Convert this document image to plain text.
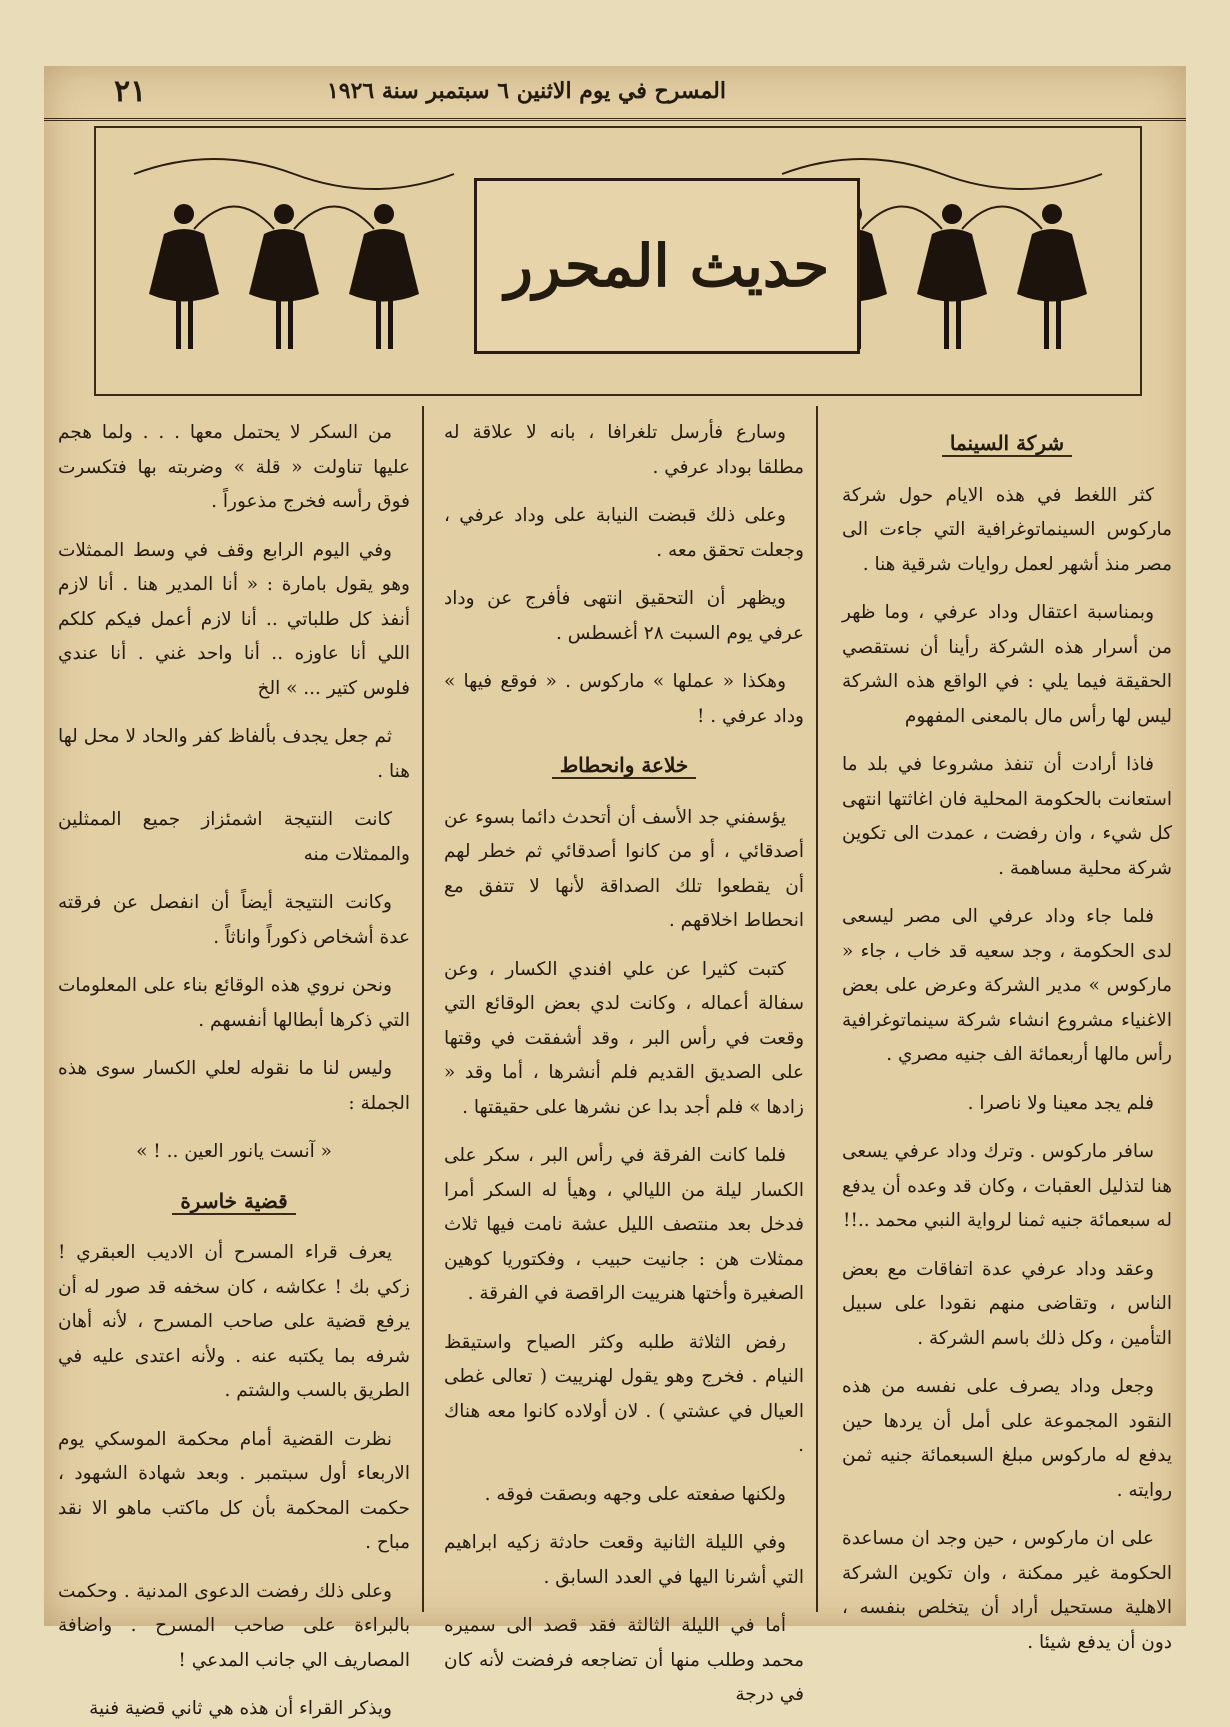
المسرح في يوم الاثنين ٦ سبتمبر سنة ١٩٢٦
٢١
حديث المحرر
شركة السينما

كثر اللغط في هذه الايام حول شركة ماركوس السينماتوغرافية التي جاءت الى مصر منذ أشهر لعمل روايات شرقية هنا .

وبمناسبة اعتقال وداد عرفي ، وما ظهر من أسرار هذه الشركة رأينا أن نستقصي الحقيقة فيما يلي : في الواقع هذه الشركة ليس لها رأس مال بالمعنى المفهوم

فاذا أرادت أن تنفذ مشروعا في بلد ما استعانت بالحكومة المحلية فان اغاثتها انتهى كل شيء ، وان رفضت ، عمدت الى تكوين شركة محلية مساهمة .

فلما جاء وداد عرفي الى مصر ليسعى لدى الحكومة ، وجد سعيه قد خاب ، جاء « ماركوس » مدير الشركة وعرض على بعض الاغنياء مشروع انشاء شركة سينماتوغرافية رأس مالها أربعمائة الف جنيه مصري .

فلم يجد معينا ولا ناصرا .

سافر ماركوس . وترك وداد عرفي يسعى هنا لتذليل العقبات ، وكان قد وعده أن يدفع له سبعمائة جنيه ثمنا لرواية النبي محمد ..!!

وعقد وداد عرفي عدة اتفاقات مع بعض الناس ، وتقاضى منهم نقودا على سبيل التأمين ، وكل ذلك باسم الشركة .

وجعل وداد يصرف على نفسه من هذه النقود المجموعة على أمل أن يردها حين يدفع له ماركوس مبلغ السبعمائة جنيه ثمن روايته .

على ان ماركوس ، حين وجد ان مساعدة الحكومة غير ممكنة ، وان تكوين الشركة الاهلية مستحيل أراد أن يتخلص بنفسه ، دون أن يدفع شيئا .

وسارع فأرسل تلغرافا ، بانه لا علاقة له مطلقا بوداد عرفي .

وعلى ذلك قبضت النيابة على وداد عرفي ، وجعلت تحقق معه .

ويظهر أن التحقيق انتهى فأفرج عن وداد عرفي يوم السبت ٢٨ أغسطس .

وهكذا « عملها » ماركوس . « فوقع فيها » وداد عرفي . !

خلاعة وانحطاط

يؤسفني جد الأسف أن أتحدث دائما بسوء عن أصدقائي ، أو من كانوا أصدقائي ثم خطر لهم أن يقطعوا تلك الصداقة لأنها لا تتفق مع انحطاط اخلاقهم .

كتبت كثيرا عن علي افندي الكسار ، وعن سفالة أعماله ، وكانت لدي بعض الوقائع التي وقعت في رأس البر ، وقد أشفقت في وقتها على الصديق القديم فلم أنشرها ، أما وقد « زادها » فلم أجد بدا عن نشرها على حقيقتها .

فلما كانت الفرقة في رأس البر ، سكر على الكسار ليلة من الليالي ، وهيأ له السكر أمرا فدخل بعد منتصف الليل عشة نامت فيها ثلاث ممثلات هن : جانيت حبيب ، وفكتوريا كوهين الصغيرة وأختها هنرييت الراقصة في الفرقة .

رفض الثلاثة طلبه وكثر الصياح واستيقظ النيام . فخرج وهو يقول لهنرييت ( تعالى غطى العيال في عشتي ) . لان أولاده كانوا معه هناك .

ولكنها صفعته على وجهه وبصقت فوقه .

وفي الليلة الثانية وقعت حادثة زكيه ابراهيم التي أشرنا اليها في العدد السابق .

أما في الليلة الثالثة فقد قصد الى سميره محمد وطلب منها أن تضاجعه فرفضت لأنه كان في درجة

من السكر لا يحتمل معها . . . ولما هجم عليها تناولت « قلة » وضربته بها فتكسرت فوق رأسه فخرج مذعوراً .

وفي اليوم الرابع وقف في وسط الممثلات وهو يقول بامارة : « أنا المدير هنا . أنا لازم أنفذ كل طلباتي .. أنا لازم أعمل فيكم كلكم اللي أنا عاوزه .. أنا واحد غني . أنا عندي فلوس كتير ... » الخ

ثم جعل يجدف بألفاظ كفر والحاد لا محل لها هنا .

كانت النتيجة اشمئزاز جميع الممثلين والممثلات منه

وكانت النتيجة أيضاً أن انفصل عن فرقته عدة أشخاص ذكوراً واناثاً .

ونحن نروي هذه الوقائع بناء على المعلومات التي ذكرها أبطالها أنفسهم .

وليس لنا ما نقوله لعلي الكسار سوى هذه الجملة :

« آنست يانور العين .. ! »

قضية خاسرة

يعرف قراء المسرح أن الاديب العبقري ! زكي بك ! عكاشه ، كان سخفه قد صور له أن يرفع قضية على صاحب المسرح ، لأنه أهان شرفه بما يكتبه عنه . ولأنه اعتدى عليه في الطريق بالسب والشتم .

نظرت القضية أمام محكمة الموسكي يوم الاربعاء أول سبتمبر . وبعد شهادة الشهود ، حكمت المحكمة بأن كل ماكتب ماهو الا نقد مباح .

وعلى ذلك رفضت الدعوى المدنية . وحكمت بالبراءة على صاحب المسرح . واضافة المصاريف الي جانب المدعي !

ويذكر القراء أن هذه هي ثاني قضية فنية
